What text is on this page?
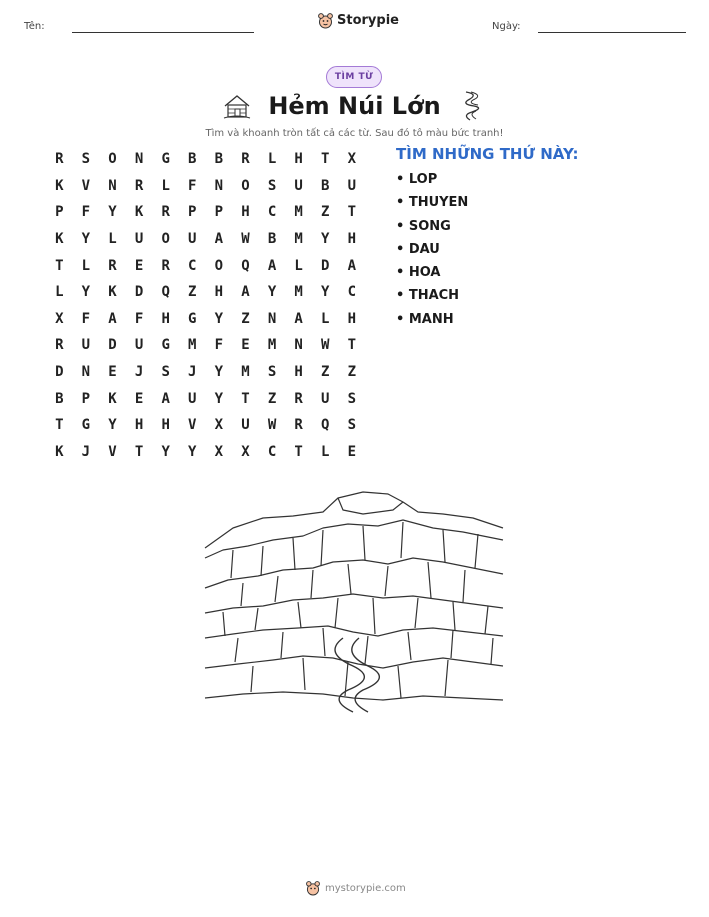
Tên:	Storypie	Ngày:
TÌM TỪ
Hẻm Núi Lớn
Tìm và khoanh tròn tất cả các từ. Sau đó tô màu bức tranh!
R	S	O	N	G	B	B	R	L	H	T	X
K	V	N	R	L	F	N	O	S	U	B	U
P	F	Y	K	R	P	P	H	C	M	Z	T
K	Y	L	U	O	U	A	W	B	M	Y	H
T	L	R	E	R	C	O	Q	A	L	D	A
L	Y	K	D	Q	Z	H	A	Y	M	Y	C
X	F	A	F	H	G	Y	Z	N	A	L	H
R	U	D	U	G	M	F	E	M	N	W	T
D	N	E	J	S	J	Y	M	S	H	Z	Z
B	P	K	E	A	U	Y	T	Z	R	U	S
T	G	Y	H	H	V	X	U	W	R	Q	S
K	J	V	T	Y	Y	X	X	C	T	L	E
TÌM NHỮNG THỨ NÀY:
• LOP
• THUYEN
• SONG
• DAU
• HOA
• THACH
• MANH
mystorypie.com
